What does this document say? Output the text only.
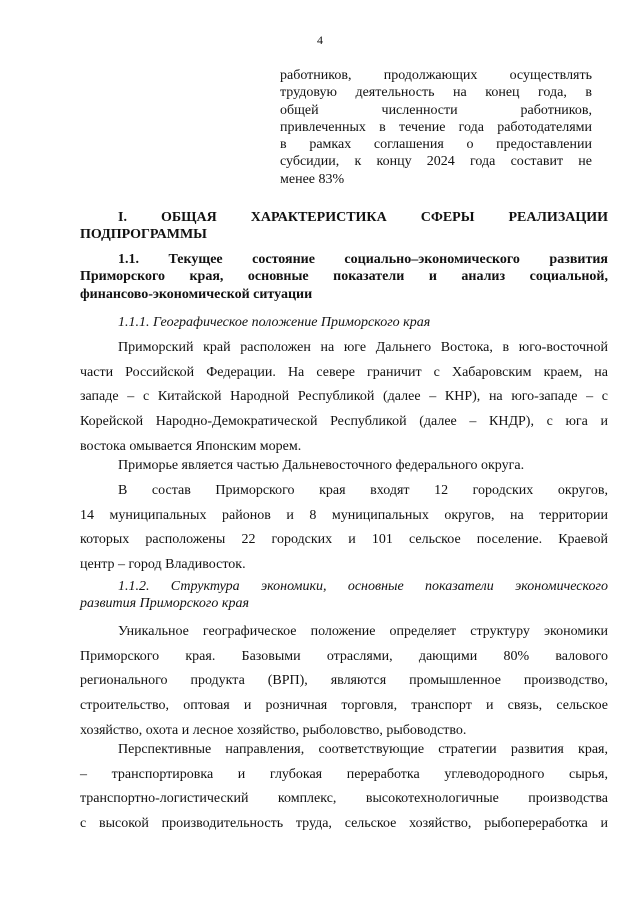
4
работников, продолжающих осуществлять
трудовую деятельность на конец года, в
общей численности работников,
привлеченных в течение года работодателями
в рамках соглашения о предоставлении
субсидии, к концу 2024 года составит не
менее 83%
I. ОБЩАЯ ХАРАКТЕРИСТИКА СФЕРЫ РЕАЛИЗАЦИИ
ПОДПРОГРАММЫ
1.1. Текущее состояние социально–экономического развития
Приморского края, основные показатели и анализ социальной,
финансово-экономической ситуации
1.1.1. Географическое положение Приморского края
Приморский край расположен на юге Дальнего Востока, в юго-восточной
части Российской Федерации. На севере граничит с Хабаровским краем, на
западе – с Китайской Народной Республикой (далее – КНР), на юго-западе – с
Корейской Народно-Демократической Республикой (далее – КНДР), с юга и
востока омывается Японским морем.
Приморье является частью Дальневосточного федерального округа.
В состав Приморского края входят 12 городских округов,
14 муниципальных районов и 8 муниципальных округов, на территории
которых расположены 22 городских и 101 сельское поселение. Краевой
центр – город Владивосток.
1.1.2. Структура экономики, основные показатели экономического
развития Приморского края
Уникальное географическое положение определяет структуру экономики
Приморского края. Базовыми отраслями, дающими 80% валового
регионального продукта (ВРП), являются промышленное производство,
строительство, оптовая и розничная торговля, транспорт и связь, сельское
хозяйство, охота и лесное хозяйство, рыболовство, рыбоводство.
Перспективные направления, соответствующие стратегии развития края,
– транспортировка и глубокая переработка углеводородного сырья,
транспортно-логистический комплекс, высокотехнологичные производства
с высокой производительность труда, сельское хозяйство, рыбопереработка и
